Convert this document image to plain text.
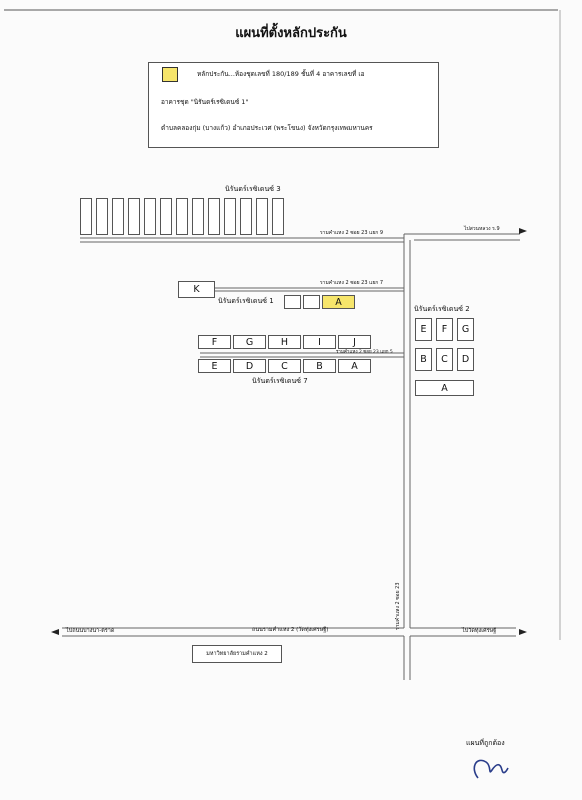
แผนที่ตั้งหลักประกัน
หลักประกัน...ห้องชุดเลขที่ 180/189 ชั้นที่ 4 อาคารเลขที่ เอ
อาคารชุด "นิรันดร์เรซิเดนซ์ 1"
ตำบลคลองกุ่ม (บางแก้ว) อำเภอประเวศ (พระโขนง) จังหวัดกรุงเทพมหานคร
นิรันดร์เรซิเดนซ์ 3
รามคำแหง 2 ซอย 23 แยก 9
ไปสวนหลวง ร.9
รามคำแหง 2 ซอย 23 แยก 7
รามคำแหง 2 ซอย 23 แยก 5
รามคำแหง 2 ซอย 23
ถนนรามคำแหง 2 (วัดทุ่งเศรษฐี)
ไปถนนบางนา-ตราด	ไปวัดทุ่งเศรษฐี
K
นิรันดร์เรซิเดนซ์ 1	A
F	G	H	I	J
E	D	C	B	A
นิรันดร์เรซิเดนซ์ 7
นิรันดร์เรซิเดนซ์ 2
E	F	G
B	C	D
A
มหาวิทยาลัยรามคำแหง 2
แผนที่ถูกต้อง
